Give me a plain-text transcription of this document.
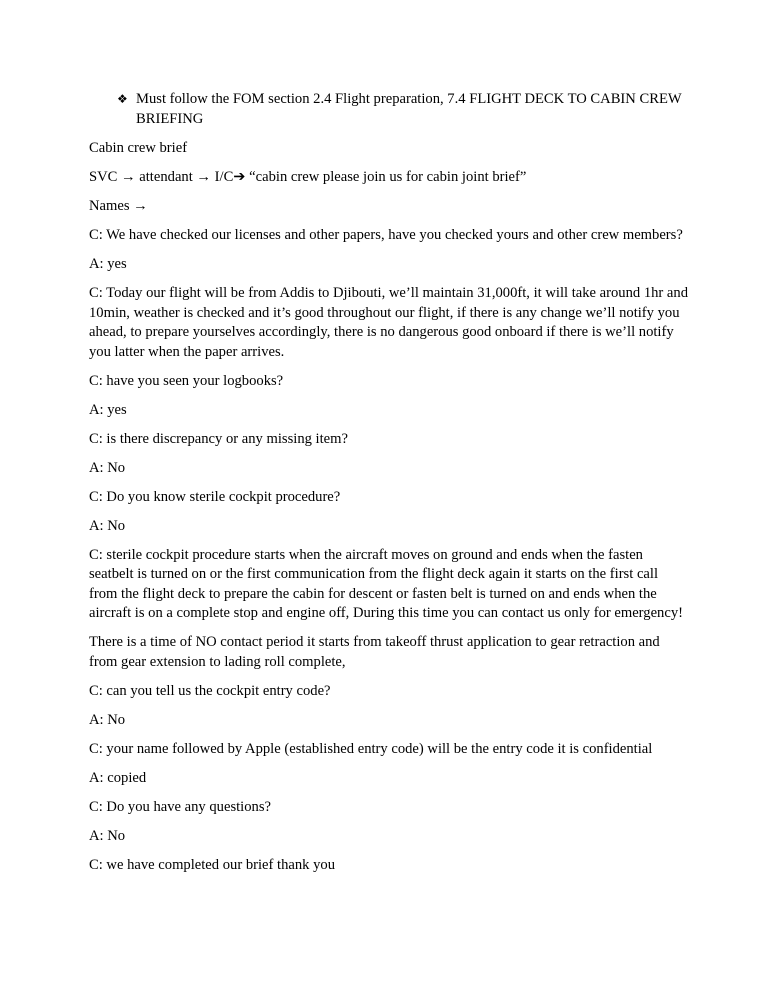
❖ Must follow the FOM section 2.4 Flight preparation, 7.4 FLIGHT DECK TO CABIN CREW BRIEFING

Cabin crew brief

SVC → attendant → I/C➔ “cabin crew please join us for cabin joint brief”

Names →

C: We have checked our licenses and other papers, have you checked yours and other crew members?

A: yes

C: Today our flight will be from Addis to Djibouti, we’ll maintain 31,000ft, it will take around 1hr and 10min, weather is checked and it’s good throughout our flight, if there is any change we’ll notify you ahead, to prepare yourselves accordingly, there is no dangerous good onboard if there is we’ll notify you latter when the paper arrives.

C: have you seen your logbooks?

A: yes

C: is there discrepancy or any missing item?

A: No

C: Do you know sterile cockpit procedure?

A: No

C: sterile cockpit procedure starts when the aircraft moves on ground and ends when the fasten seatbelt is turned on or the first communication from the flight deck again it starts on the first call from the flight deck to prepare the cabin for descent or fasten belt is turned on and ends when the aircraft is on a complete stop and engine off, During this time you can contact us only for emergency!

There is a time of NO contact period it starts from takeoff thrust application to gear retraction and from gear extension to lading roll complete,

C: can you tell us the cockpit entry code?

A: No

C: your name followed by Apple (established entry code) will be the entry code it is confidential

A: copied

C: Do you have any questions?

A: No

C: we have completed our brief thank you
